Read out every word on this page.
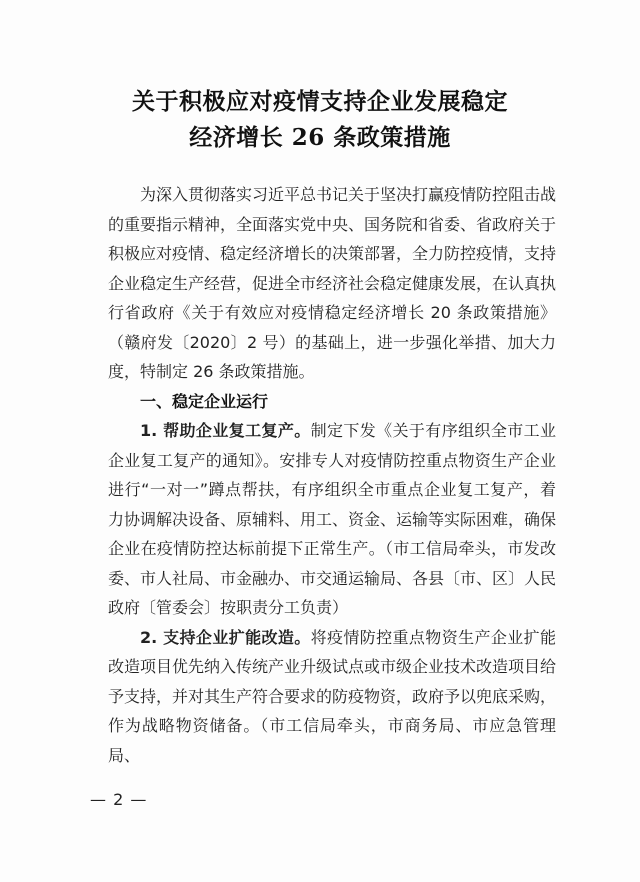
关于积极应对疫情支持企业发展稳定
经济增长 26 条政策措施

为深入贯彻落实习近平总书记关于坚决打赢疫情防控阻击战的重要指示精神，全面落实党中央、国务院和省委、省政府关于积极应对疫情、稳定经济增长的决策部署，全力防控疫情，支持企业稳定生产经营，促进全市经济社会稳定健康发展，在认真执行省政府《关于有效应对疫情稳定经济增长 20 条政策措施》（赣府发〔2020〕2 号）的基础上，进一步强化举措、加大力度，特制定 26 条政策措施。

一、稳定企业运行

1. 帮助企业复工复产。制定下发《关于有序组织全市工业企业复工复产的通知》。安排专人对疫情防控重点物资生产企业进行“一对一”蹲点帮扶，有序组织全市重点企业复工复产，着力协调解决设备、原辅料、用工、资金、运输等实际困难，确保企业在疫情防控达标前提下正常生产。（市工信局牵头，市发改委、市人社局、市金融办、市交通运输局、各县〔市、区〕人民政府〔管委会〕按职责分工负责）

2. 支持企业扩能改造。将疫情防控重点物资生产企业扩能改造项目优先纳入传统产业升级试点或市级企业技术改造项目给予支持，并对其生产符合要求的防疫物资，政府予以兜底采购，作为战略物资储备。（市工信局牵头，市商务局、市应急管理局、

— 2 —
